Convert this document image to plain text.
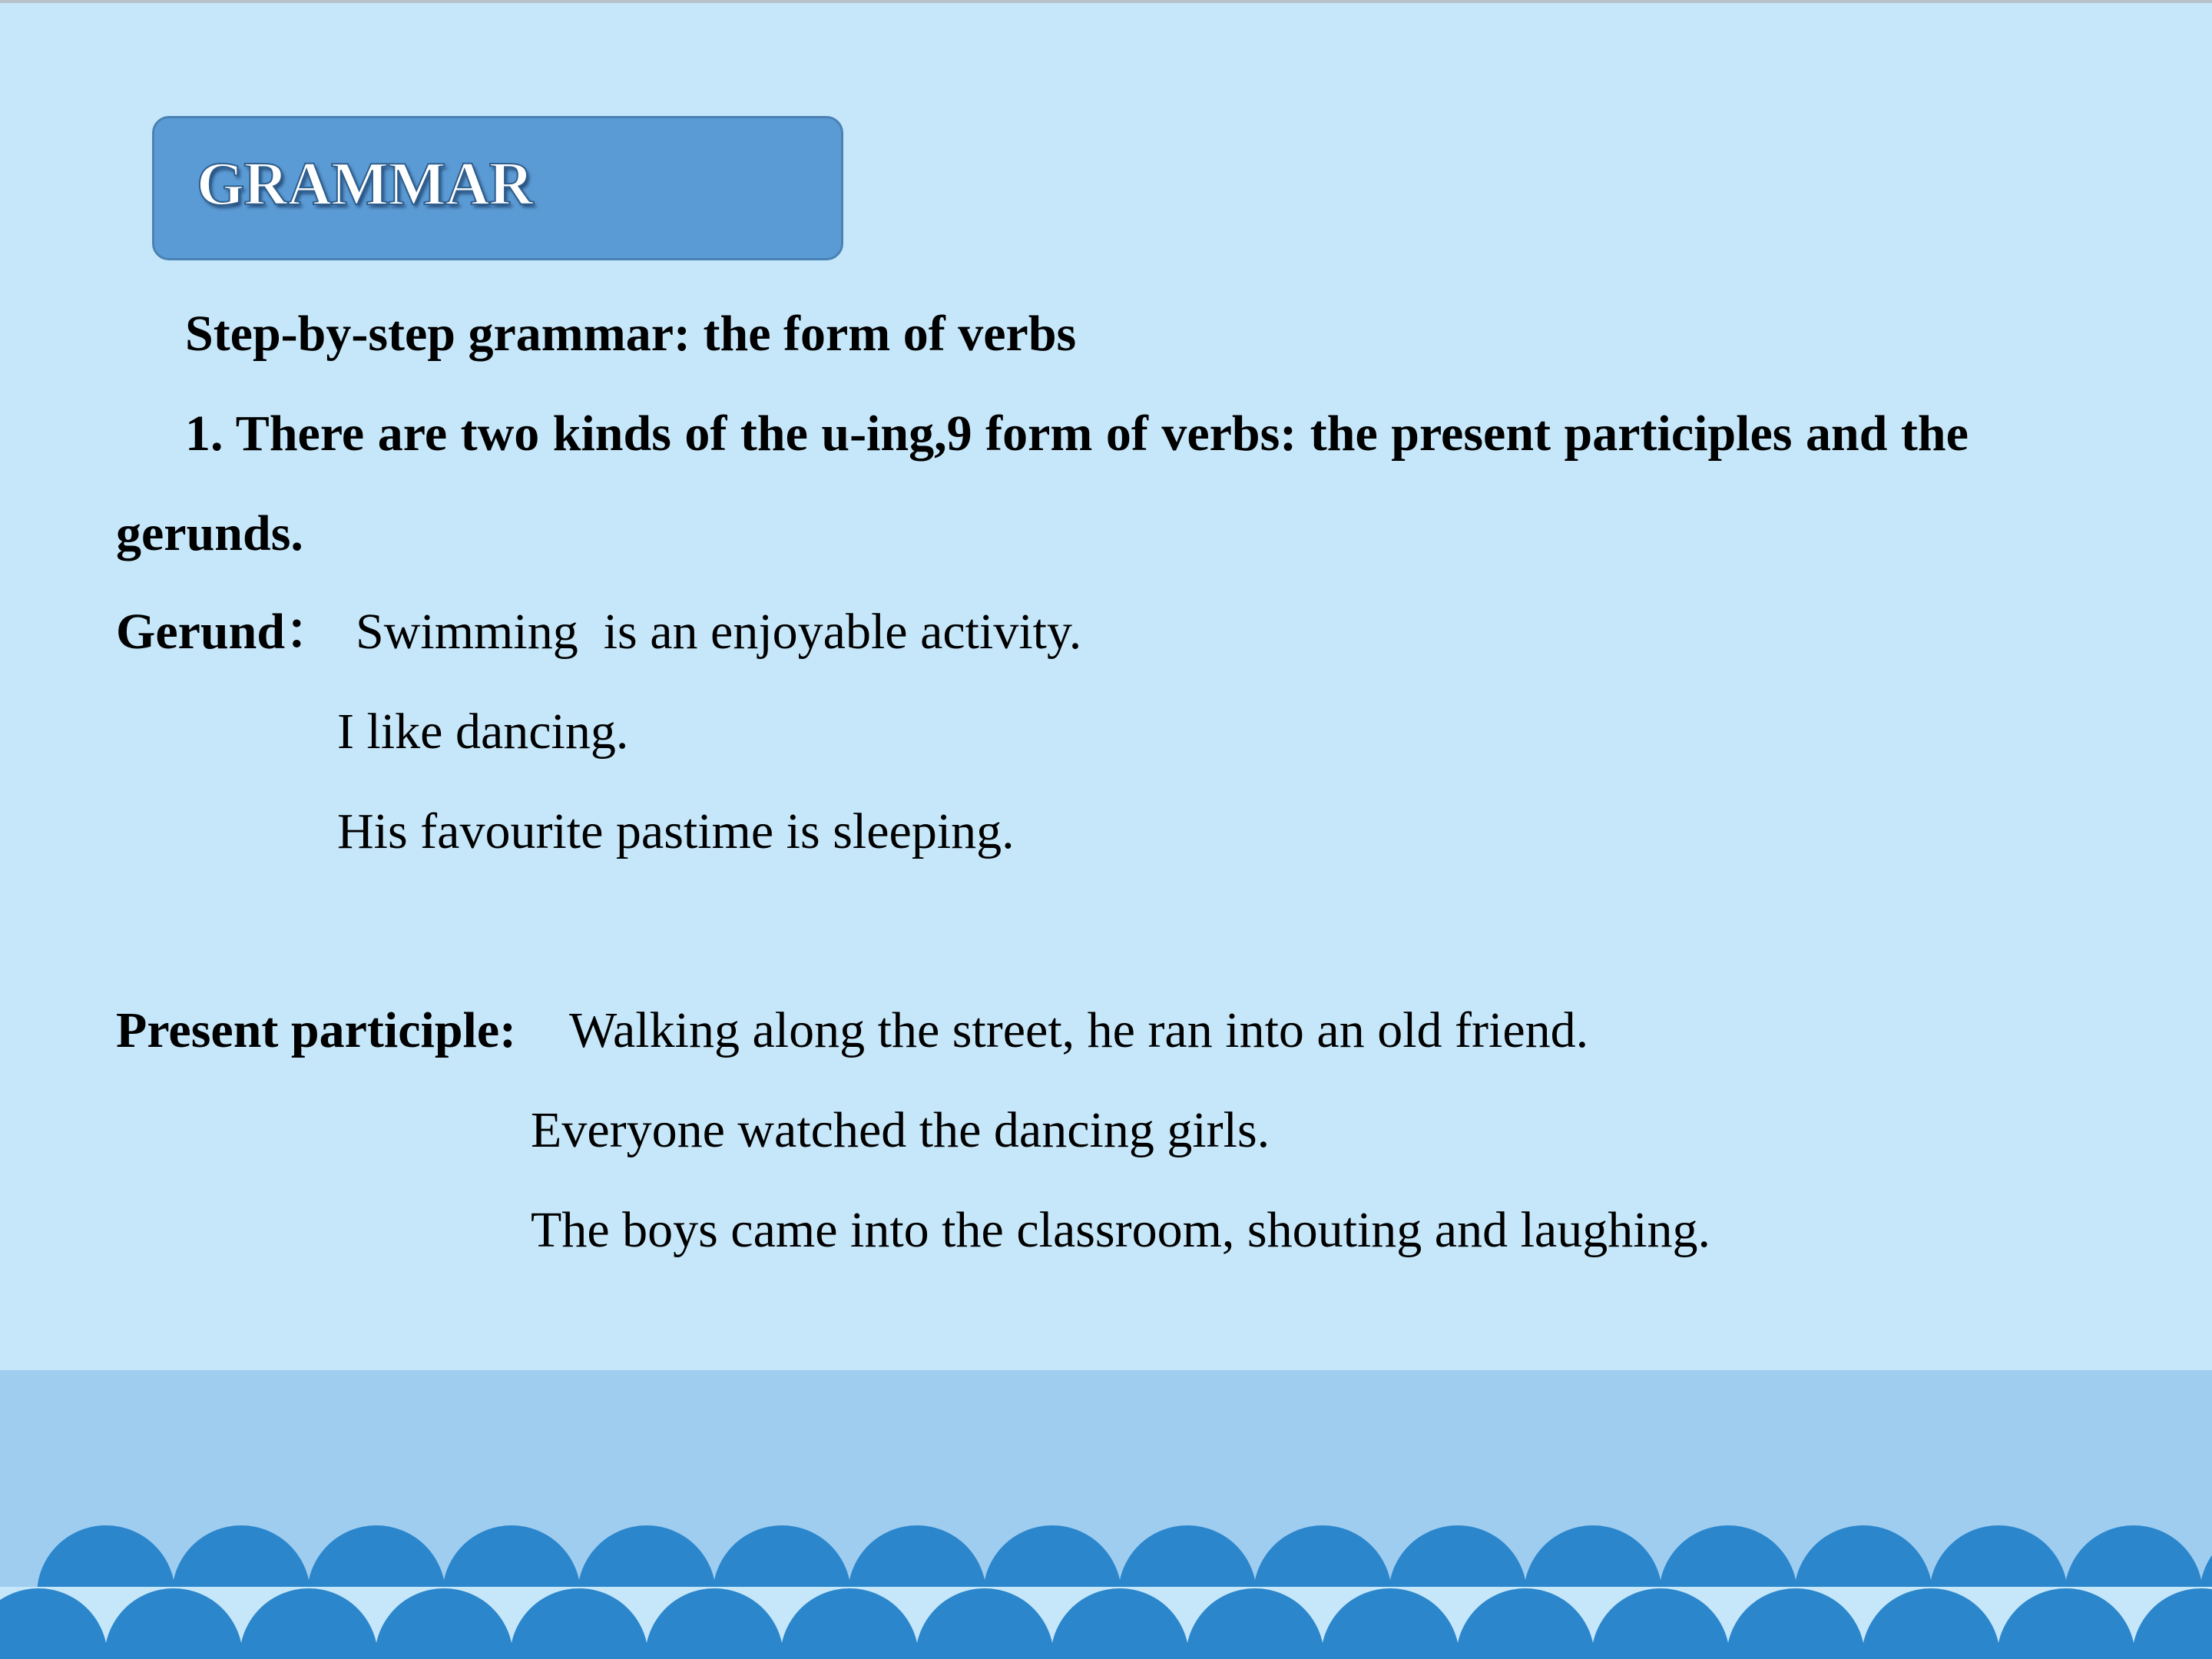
GRAMMAR
Step-by-step grammar: the form of verbs
1. There are two kinds of the u-ing,9 form of verbs: the present participles and the
gerunds.
Gerund： Swimming  is an enjoyable activity.
I like dancing.
His favourite pastime is sleeping.
Present participle: Walking along the street, he ran into an old friend.
Everyone watched the dancing girls.
The boys came into the classroom, shouting and laughing.
